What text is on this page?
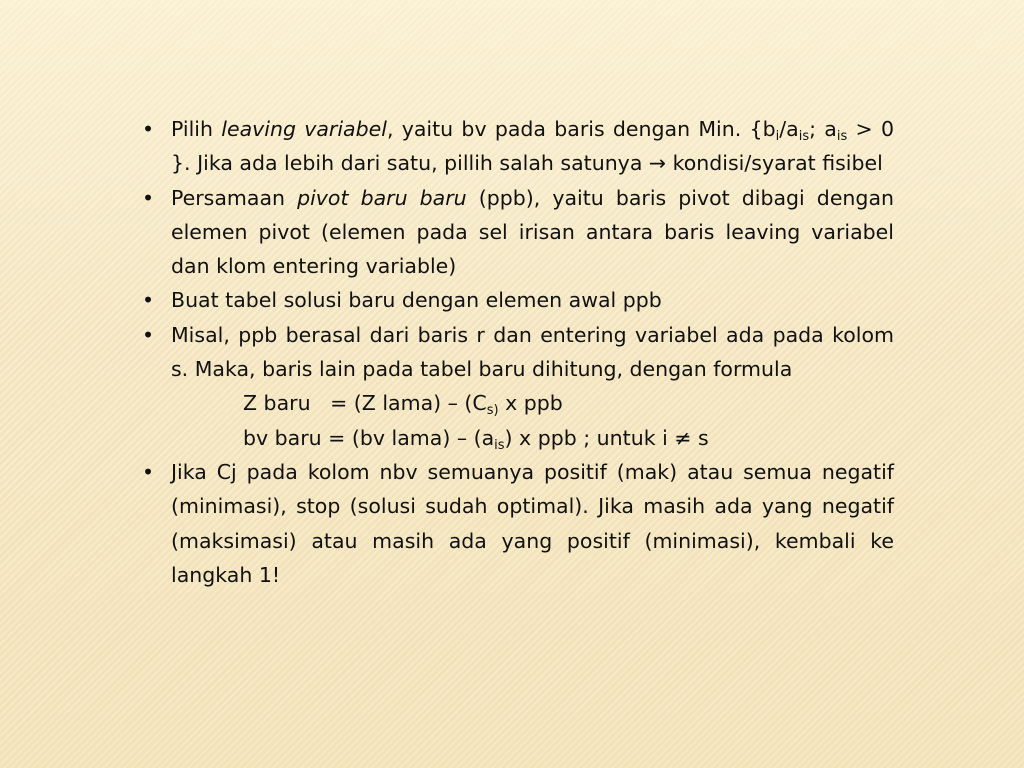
• Pilih leaving variabel, yaitu bv pada baris dengan Min. {$b_i/a_{is}$; $a_{is} > 0$ }. Jika ada lebih dari satu, pillih salah satunya → kondisi/syarat fisibel
• Persamaan pivot baru baru (ppb), yaitu baris pivot dibagi dengan elemen pivot (elemen pada sel irisan antara baris leaving variabel dan klom entering variable)
• Buat tabel solusi baru dengan elemen awal ppb
• Misal, ppb berasal dari baris r dan entering variabel ada pada kolom s. Maka, baris lain pada tabel baru dihitung, dengan formula
Z baru   = (Z lama) – ($C_{s)}$ x ppb
bv baru = (bv lama) – $(a_{is})$ x ppb ; untuk i ≠ s
• Jika Cj pada kolom nbv semuanya positif (mak) atau semua negatif (minimasi), stop (solusi sudah optimal). Jika masih ada yang negatif (maksimasi) atau masih ada yang positif (minimasi), kembali ke langkah 1!
